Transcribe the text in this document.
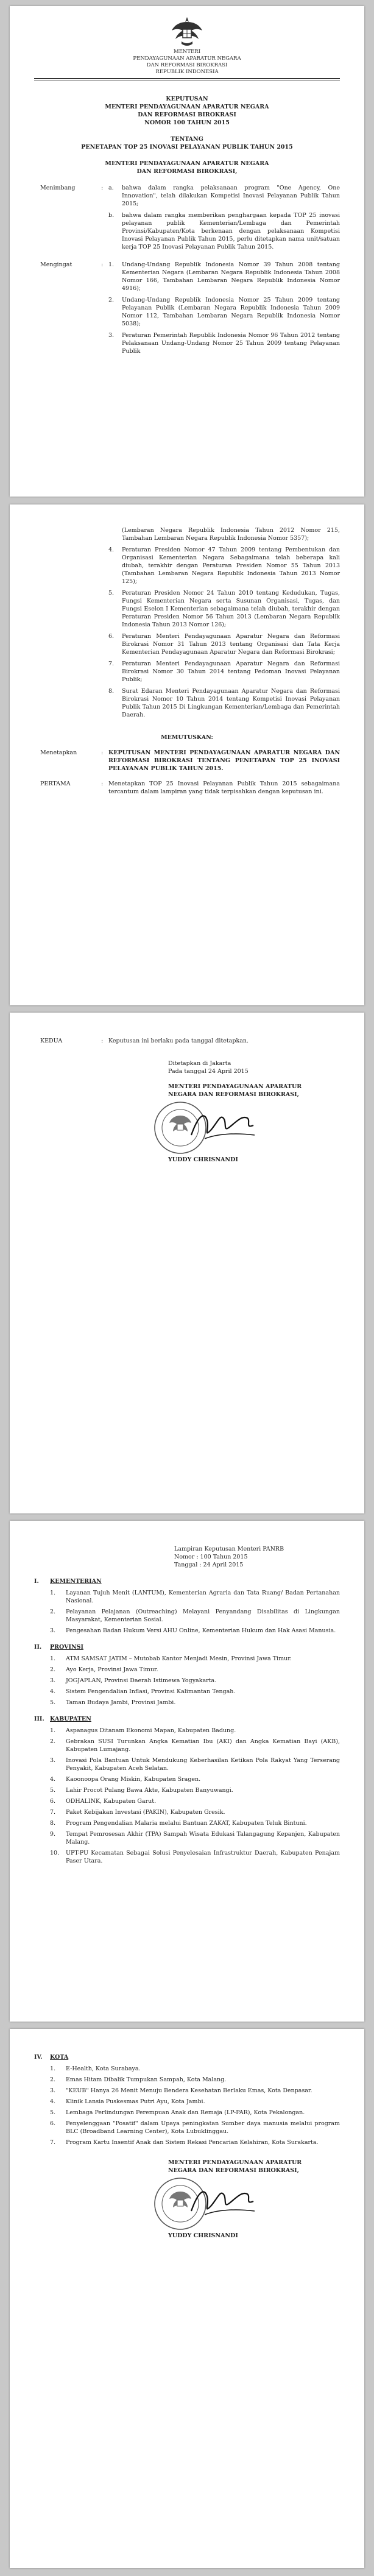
MENTERI
PENDAYAGUNAAN APARATUR NEGARA
DAN REFORMASI BIROKRASI
REPUBLIK INDONESIA
KEPUTUSAN
MENTERI PENDAYAGUNAAN APARATUR NEGARA
DAN REFORMASI BIROKRASI
NOMOR 100 TAHUN 2015
TENTANG
PENETAPAN TOP 25 INOVASI PELAYANAN PUBLIK TAHUN 2015
MENTERI PENDAYAGUNAAN APARATUR NEGARA
DAN REFORMASI BIROKRASI,
Menimbang	: a.	bahwa dalam rangka pelaksanaan program "One Agency, One Innovation", telah dilakukan Kompetisi Inovasi Pelayanan Publik Tahun 2015;
b.	bahwa dalam rangka memberikan penghargaan kepada TOP 25 inovasi pelayanan publik Kementerian/Lembaga dan Pemerintah Provinsi/Kabupaten/Kota berkenaan dengan pelaksanaan Kompetisi Inovasi Pelayanan Publik Tahun 2015, perlu ditetapkan nama unit/satuan kerja TOP 25 Inovasi Pelayanan Publik Tahun 2015.
Mengingat	: 1.	Undang-Undang Republik Indonesia Nomor 39 Tahun 2008 tentang Kementerian Negara (Lembaran Negara Republik Indonesia Tahun 2008 Nomor 166, Tambahan Lembaran Negara Republik Indonesia Nomor 4916);
2.	Undang-Undang Republik Indonesia Nomor 25 Tahun 2009 tentang Pelayanan Publik (Lembaran Negara Republik Indonesia Tahun 2009 Nomor 112, Tambahan Lembaran Negara Republik Indonesia Nomor 5038);
3.	Peraturan Pemerintah Republik Indonesia Nomor 96 Tahun 2012 tentang Pelaksanaan Undang-Undang Nomor 25 Tahun 2009 tentang Pelayanan Publik
(Lembaran Negara Republik Indonesia Tahun 2012 Nomor 215, Tambahan Lembaran Negara Republik Indonesia Nomor 5357);
4.	Peraturan Presiden Nomor 47 Tahun 2009 tentang Pembentukan dan Organisasi Kementerian Negara Sebagaimana telah beberapa kali diubah, terakhir dengan Peraturan Presiden Nomor 55 Tahun 2013 (Tambahan Lembaran Negara Republik Indonesia Tahun 2013 Nomor 125);
5.	Peraturan Presiden Nomor 24 Tahun 2010 tentang Kedudukan, Tugas, Fungsi Kementerian Negara serta Susunan Organisasi, Tugas, dan Fungsi Eselon I Kementerian sebagaimana telah diubah, terakhir dengan Peraturan Presiden Nomor 56 Tahun 2013 (Lembaran Negara Republik Indonesia Tahun 2013 Nomor 126);
6.	Peraturan Menteri Pendayagunaan Aparatur Negara dan Reformasi Birokrasi Nomor 31 Tahun 2013 tentang Organisasi dan Tata Kerja Kementerian Pendayagunaan Aparatur Negara dan Reformasi Birokrasi;
7.	Peraturan Menteri Pendayagunaan Aparatur Negara dan Reformasi Birokrasi Nomor 30 Tahun 2014 tentang Pedoman Inovasi Pelayanan Publik;
8.	Surat Edaran Menteri Pendayagunaan Aparatur Negara dan Reformasi Birokrasi Nomor 10 Tahun 2014 tentang Kompetisi Inovasi Pelayanan Publik Tahun 2015 Di Lingkungan Kementerian/Lembaga dan Pemerintah Daerah.
MEMUTUSKAN:
Menetapkan	: KEPUTUSAN MENTERI PENDAYAGUNAAN APARATUR NEGARA DAN REFORMASI BIROKRASI TENTANG PENETAPAN TOP 25 INOVASI PELAYANAN PUBLIK TAHUN 2015.
PERTAMA	: Menetapkan TOP 25 Inovasi Pelayanan Publik Tahun 2015 sebagaimana tercantum dalam lampiran yang tidak terpisahkan dengan keputusan ini.
KEDUA	: Keputusan ini berlaku pada tanggal ditetapkan.
Ditetapkan di Jakarta
Pada tanggal 24 April 2015
MENTERI PENDAYAGUNAAN APARATUR
NEGARA DAN REFORMASI BIROKRASI,
YUDDY CHRISNANDI
Lampiran Keputusan Menteri PANRB
Nomor : 100 Tahun 2015
Tanggal : 24 April 2015
I.	KEMENTERIAN
1.	Layanan Tujuh Menit (LANTUM), Kementerian Agraria dan Tata Ruang/ Badan Pertanahan Nasional.
2.	Pelayanan Pelajanan (Outreaching) Melayani Penyandang Disabilitas di Lingkungan Masyarakat, Kementerian Sosial.
3.	Pengesahan Badan Hukum Versi AHU Online, Kementerian Hukum dan Hak Asasi Manusia.
II.	PROVINSI
1.	ATM SAMSAT JATIM – Mutobab Kantor Menjadi Mesin, Provinsi Jawa Timur.
2.	Ayo Kerja, Provinsi Jawa Timur.
3.	JOGJAPLAN, Provinsi Daerah Istimewa Yogyakarta.
4.	Sistem Pengendalian Inflasi, Provinsi Kalimantan Tengah.
5.	Taman Budaya Jambi, Provinsi Jambi.
III. KABUPATEN
1.	Aspanagus Ditanam Ekonomi Mapan, Kabupaten Badung.
2.	Gebrakan SUSI Turunkan Angka Kematian Ibu (AKI) dan Angka Kematian Bayi (AKB), Kabupaten Lumajang.
3.	Inovasi Pola Bantuan Untuk Mendukung Keberhasilan Ketikan Pola Rakyat Yang Terserang Penyakit, Kabupaten Aceh Selatan.
4.	Kaoonoopa Orang Miskin, Kabupaten Sragen.
5.	Lahir Procot Pulang Bawa Akte, Kabupaten Banyuwangi.
6.	ODHALINK, Kabupaten Garut.
7.	Paket Kebijakan Investasi (PAKIN), Kabupaten Gresik.
8.	Program Pengendalian Malaria melalui Bantuan ZAKAT, Kabupaten Teluk Bintuni.
9.	Tempat Pemrosesan Akhir (TPA) Sampah Wisata Edukasi Talangagung Kepanjen, Kabupaten Malang.
10.	UPT-PU Kecamatan Sebagai Solusi Penyelesaian Infrastruktur Daerah, Kabupaten Penajam Paser Utara.
IV.	KOTA
1.	E-Health, Kota Surabaya.
2.	Emas Hitam Dibalik Tumpukan Sampah, Kota Malang.
3.	"KEUB" Hanya 26 Menit Menuju Bendera Kesehatan Berlaku Emas, Kota Denpasar.
4.	Klinik Lansia Puskesmas Putri Ayu, Kota Jambi.
5.	Lembaga Perlindungan Perempuan Anak dan Remaja (LP-PAR), Kota Pekalongan.
6.	Penyelenggaan "Posatif" dalam Upaya peningkatan Sumber daya manusia melalui program BLC (Broadband Learning Center), Kota Lubuklinggau.
7.	Program Kartu Insentif Anak dan Sistem Rekasi Pencarian Kelahiran, Kota Surakarta.
MENTERI PENDAYAGUNAAN APARATUR
NEGARA DAN REFORMASI BIROKRASI,
YUDDY CHRISNANDI
